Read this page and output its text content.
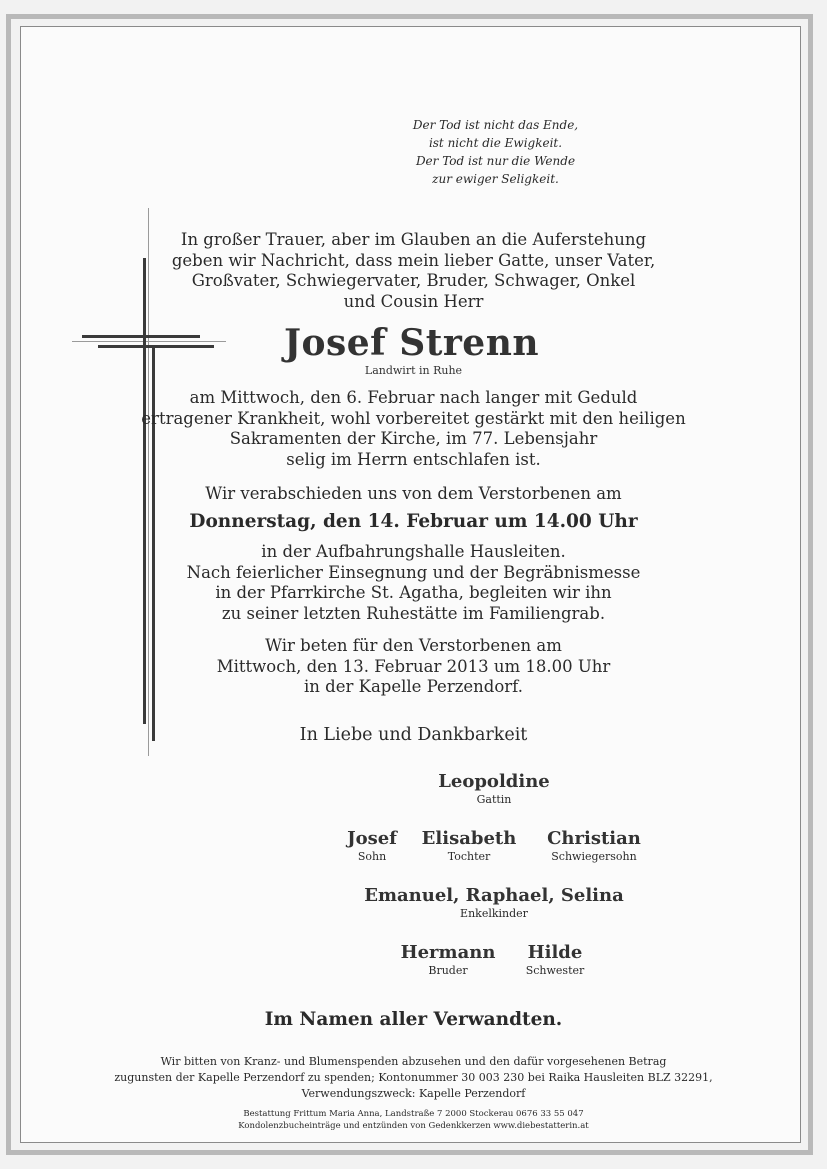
Der Tod ist nicht das Ende,
ist nicht die Ewigkeit.
Der Tod ist nur die Wende
zur ewiger Seligkeit.
In großer Trauer, aber im Glauben an die Auferstehung
geben wir Nachricht, dass mein lieber Gatte, unser Vater,
Großvater, Schwiegervater, Bruder, Schwager, Onkel
und Cousin Herr
Josef Strenn
Landwirt in Ruhe
am Mittwoch, den 6. Februar nach langer mit Geduld
ertragener Krankheit, wohl vorbereitet gestärkt mit den heiligen
Sakramenten der Kirche, im 77. Lebensjahr
selig im Herrn entschlafen ist.
Wir verabschieden uns von dem Verstorbenen am
Donnerstag, den 14. Februar um 14.00 Uhr
in der Aufbahrungshalle Hausleiten.
Nach feierlicher Einsegnung und der Begräbnismesse
in der Pfarrkirche St. Agatha, begleiten wir ihn
zu seiner letzten Ruhestätte im Familiengrab.
Wir beten für den Verstorbenen am
Mittwoch, den 13. Februar 2013 um 18.00 Uhr
in der Kapelle Perzendorf.
In Liebe und Dankbarkeit
Leopoldine
Gattin
Josef
Sohn
Elisabeth
Tochter
Christian
Schwiegersohn
Emanuel, Raphael, Selina
Enkelkinder
Hermann
Bruder
Hilde
Schwester
Im Namen aller Verwandten.
Wir bitten von Kranz- und Blumenspenden abzusehen und den dafür vorgesehenen Betrag
zugunsten der Kapelle Perzendorf zu spenden; Kontonummer 30 003 230 bei Raika Hausleiten BLZ 32291,
Verwendungszweck: Kapelle Perzendorf
Bestattung Frittum Maria Anna, Landstraße 7 2000 Stockerau 0676 33 55 047
Kondolenzbucheinträge und entzünden von Gedenkkerzen www.diebestatterin.at
